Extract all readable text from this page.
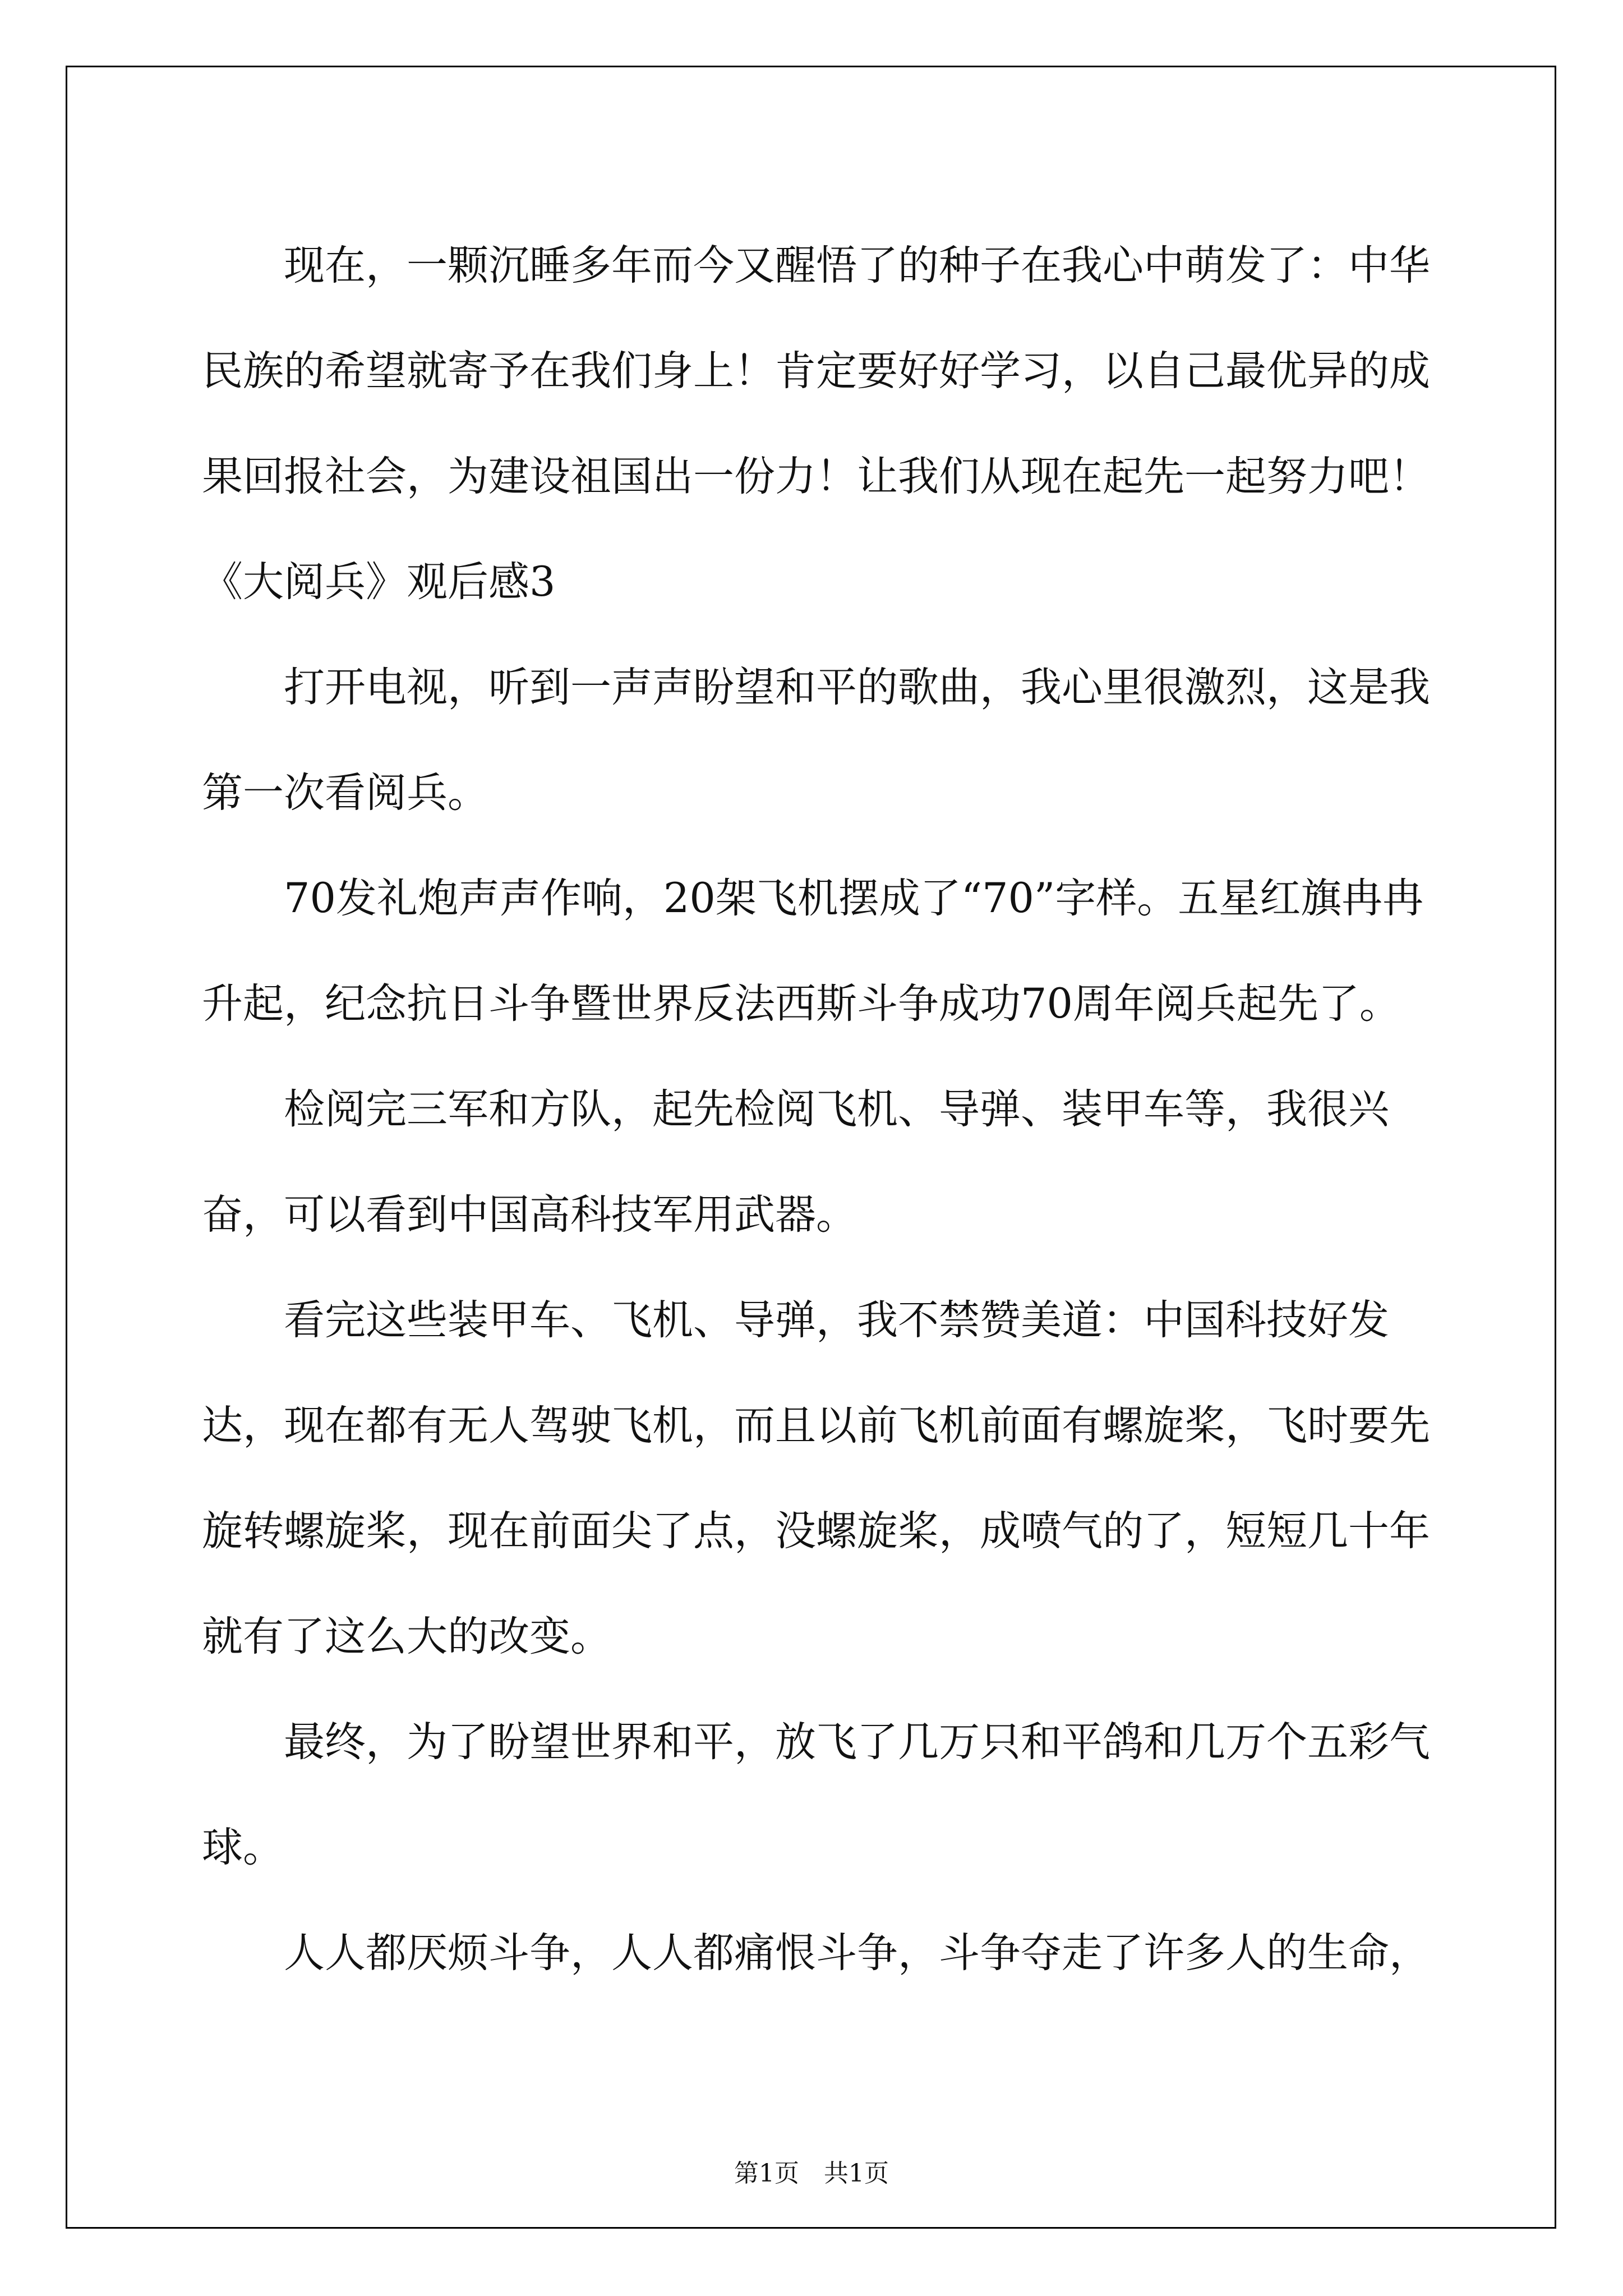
现在，一颗沉睡多年而今又醒悟了的种子在我心中萌发了：中华民族的希望就寄予在我们身上！肯定要好好学习，以自己最优异的成果回报社会，为建设祖国出一份力！让我们从现在起先一起努力吧！

《大阅兵》观后感3

打开电视，听到一声声盼望和平的歌曲，我心里很激烈，这是我第一次看阅兵。

70发礼炮声声作响，20架飞机摆成了“70”字样。五星红旗冉冉升起，纪念抗日斗争暨世界反法西斯斗争成功70周年阅兵起先了。

检阅完三军和方队，起先检阅飞机、导弹、装甲车等，我很兴奋，可以看到中国高科技军用武器。

看完这些装甲车、飞机、导弹，我不禁赞美道：中国科技好发达，现在都有无人驾驶飞机，而且以前飞机前面有螺旋桨，飞时要先旋转螺旋桨，现在前面尖了点，没螺旋桨，成喷气的了，短短几十年就有了这么大的改变。

最终，为了盼望世界和平，放飞了几万只和平鸽和几万个五彩气球。

人人都厌烦斗争，人人都痛恨斗争，斗争夺走了许多人的生命，

第1页 共1页
